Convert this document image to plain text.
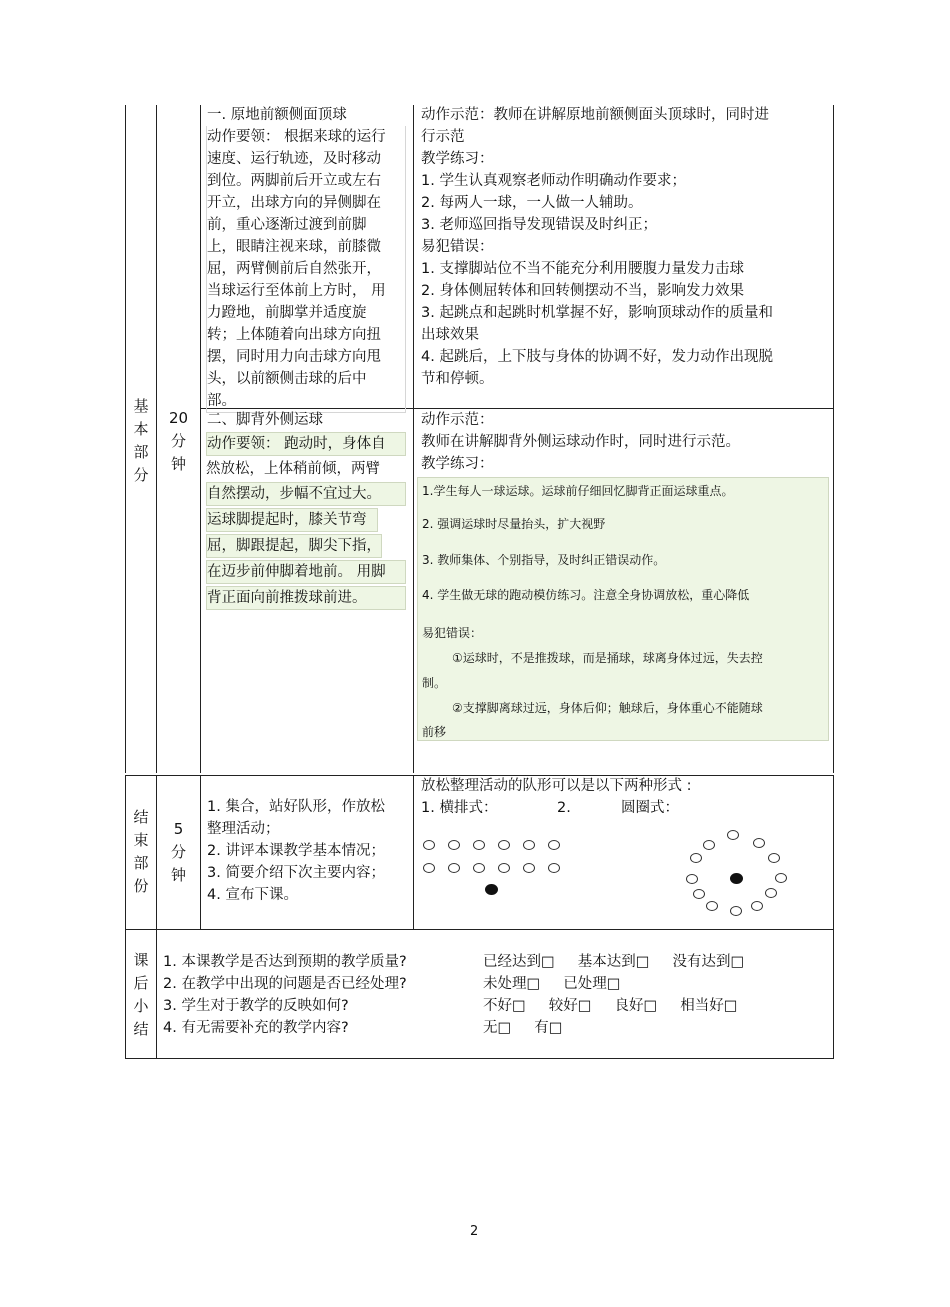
基
本
部
分
20
分
钟
一. 原地前额侧面顶球
动作要领： 根据来球的运行
速度、运行轨迹，及时移动
到位。两脚前后开立或左右
开立，出球方向的异侧脚在
前，重心逐渐过渡到前脚
上，眼睛注视来球，前膝微
屈，两臂侧前后自然张开，
当球运行至体前上方时， 用
力蹬地，前脚掌并适度旋
转；上体随着向出球方向扭
摆，同时用力向击球方向甩
头，以前额侧击球的后中
部。
动作示范：教师在讲解原地前额侧面头顶球时，同时进
行示范
教学练习：
1. 学生认真观察老师动作明确动作要求；
2. 每两人一球，一人做一人辅助。
3. 老师巡回指导发现错误及时纠正；
易犯错误：
1. 支撑脚站位不当不能充分利用腰腹力量发力击球
2. 身体侧屈转体和回转侧摆动不当，影响发力效果
3. 起跳点和起跳时机掌握不好，影响顶球动作的质量和
出球效果
4. 起跳后，上下肢与身体的协调不好，发力动作出现脱
节和停顿。
二、脚背外侧运球
动作要领： 跑动时，身体自
然放松，上体稍前倾，两臂
自然摆动，步幅不宜过大。
运球脚提起时，膝关节弯
屈，脚跟提起，脚尖下指，
在迈步前伸脚着地前。 用脚
背正面向前推拨球前进。
动作示范：
教师在讲解脚背外侧运球动作时，同时进行示范。
教学练习：
1.学生每人一球运球。运球前仔细回忆脚背正面运球重点。
2. 强调运球时尽量抬头，扩大视野
3. 教师集体、个别指导，及时纠正错误动作。
4. 学生做无球的跑动模仿练习。注意全身协调放松，重心降低
易犯错误：
①运球时，不是推拨球，而是捅球，球离身体过远，失去控
制。
②支撑脚离球过远，身体后仰；触球后，身体重心不能随球
前移
结
束
部
份
5
分
钟
1. 集合，站好队形，作放松
整理活动；
2. 讲评本课教学基本情况；
3. 简要介绍下次主要内容；
4. 宣布下课。
放松整理活动的队形可以是以下两种形式 :
1. 横排式：	2.	圆圈式：
课
后
小
结
1. 本课教学是否达到预期的教学质量?
2. 在教学中出现的问题是否已经处理?
3. 学生对于教学的反映如何?
4. 有无需要补充的教学内容?
已经达到□     基本达到□     没有达到□
未处理□     已处理□
不好□     较好□     良好□     相当好□
无□     有□
2
